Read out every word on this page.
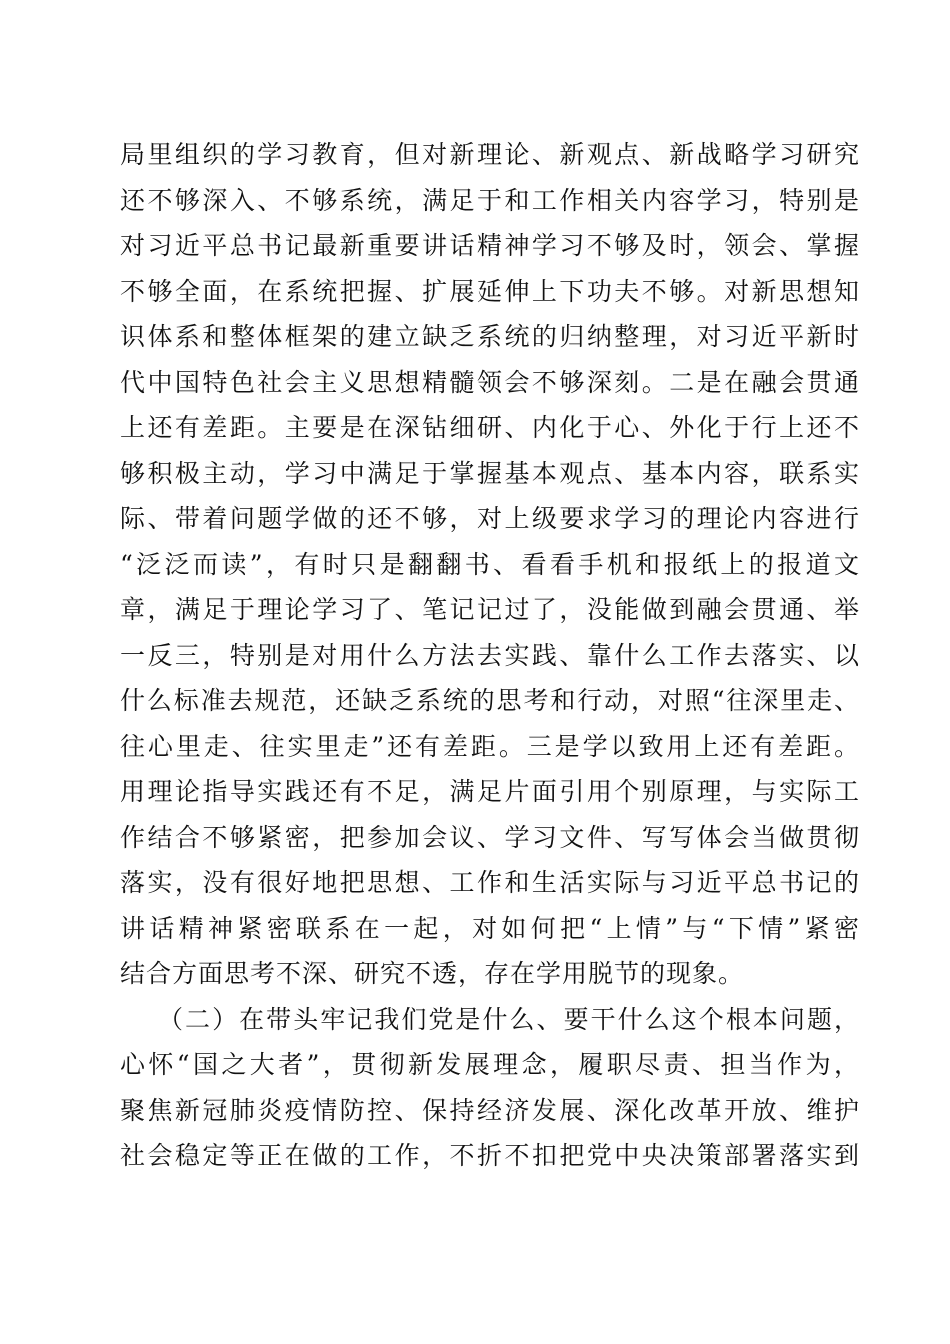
局里组织的学习教育，但对新理论、新观点、新战略学习研究
还不够深入、不够系统，满足于和工作相关内容学习，特别是
对习近平总书记最新重要讲话精神学习不够及时，领会、掌握
不够全面，在系统把握、扩展延伸上下功夫不够。对新思想知
识体系和整体框架的建立缺乏系统的归纳整理，对习近平新时
代中国特色社会主义思想精髓领会不够深刻。二是在融会贯通
上还有差距。主要是在深钻细研、内化于心、外化于行上还不
够积极主动，学习中满足于掌握基本观点、基本内容，联系实
际、带着问题学做的还不够，对上级要求学习的理论内容进行
“泛泛而读”，有时只是翻翻书、看看手机和报纸上的报道文
章，满足于理论学习了、笔记记过了，没能做到融会贯通、举
一反三，特别是对用什么方法去实践、靠什么工作去落实、以
什么标准去规范，还缺乏系统的思考和行动，对照“往深里走、
往心里走、往实里走”还有差距。三是学以致用上还有差距。
用理论指导实践还有不足，满足片面引用个别原理，与实际工
作结合不够紧密，把参加会议、学习文件、写写体会当做贯彻
落实，没有很好地把思想、工作和生活实际与习近平总书记的
讲话精神紧密联系在一起，对如何把“上情”与“下情”紧密
结合方面思考不深、研究不透，存在学用脱节的现象。
（二）在带头牢记我们党是什么、要干什么这个根本问题，
心怀“国之大者”，贯彻新发展理念，履职尽责、担当作为，
聚焦新冠肺炎疫情防控、保持经济发展、深化改革开放、维护
社会稳定等正在做的工作，不折不扣把党中央决策部署落实到
